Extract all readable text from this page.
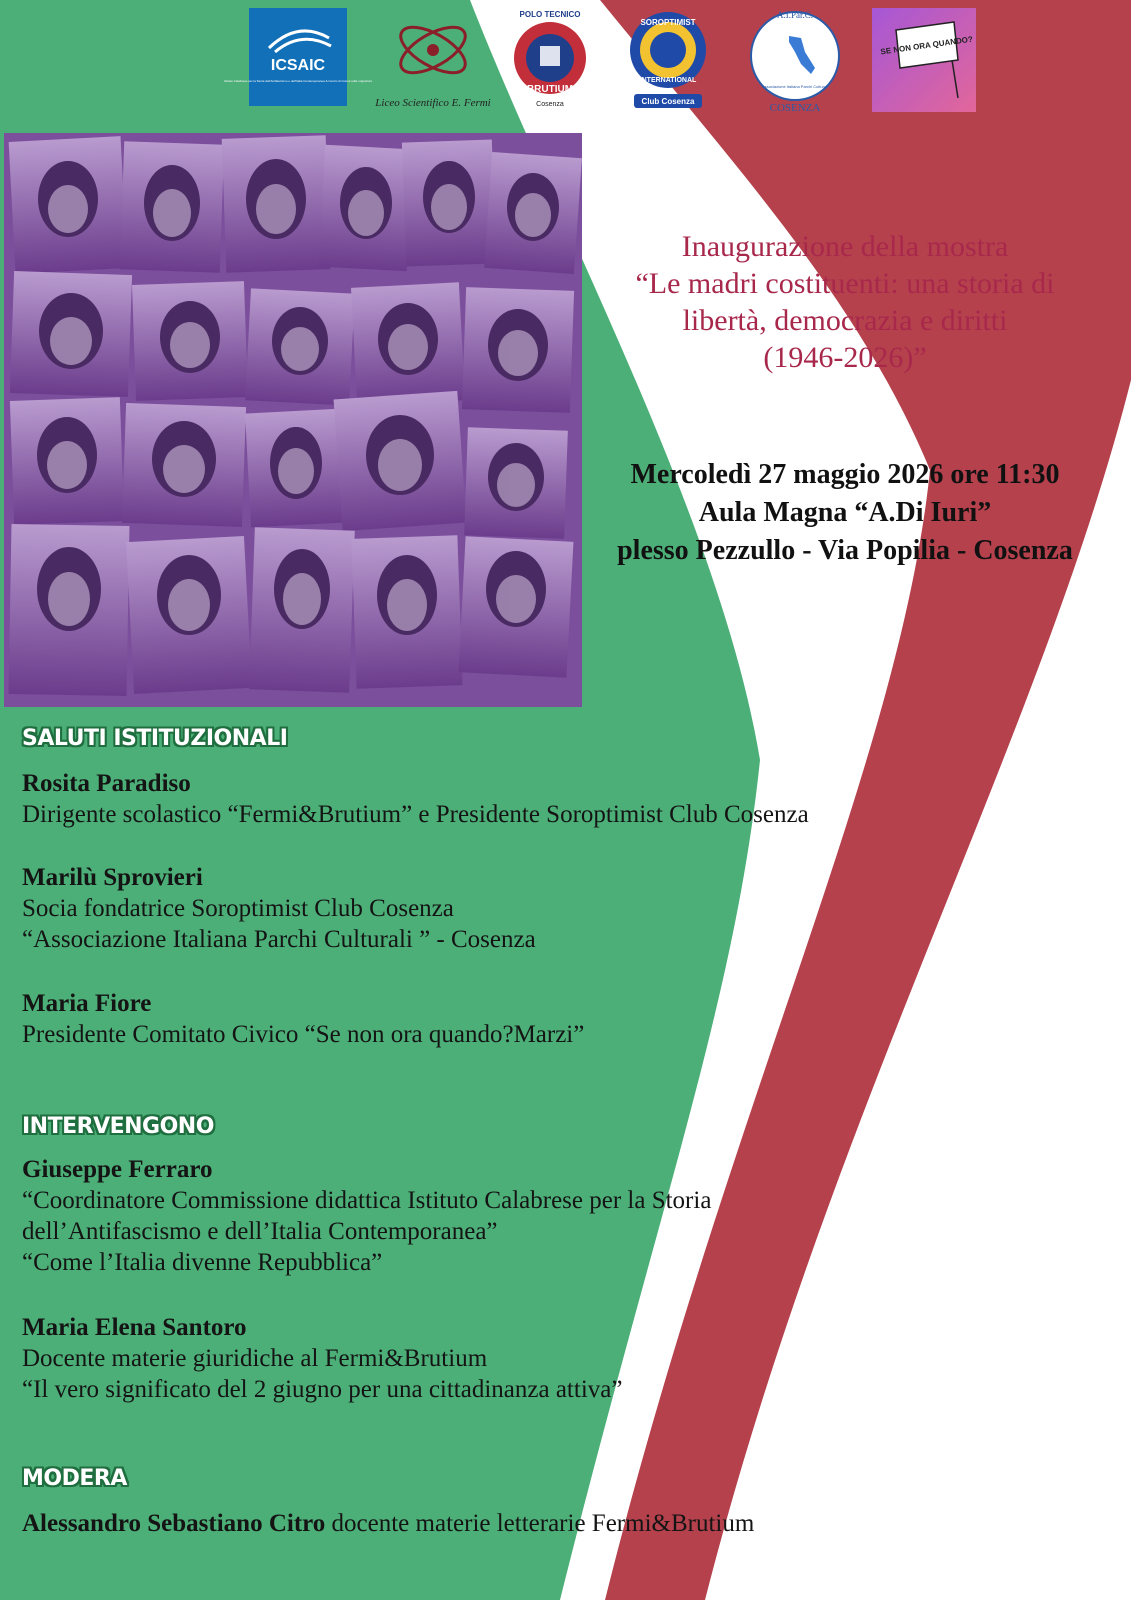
ICSAIC
Istituto Calabrese per la Storia dell'Antifascismo e dell'Italia Contemporanea & Centro di ricerca sulle migrazioni
Liceo Scientifico E. Fermi
POLO TECNICO
BRUTIUM
Cosenza
SOROPTIMIST
INTERNATIONAL
Club Cosenza
A.I.Par.C.
Associazione Italiana Parchi Culturali
COSENZA
SE NON ORA QUANDO?
Inaugurazione della mostra
“Le madri costituenti: una storia di
libertà, democrazia e diritti
(1946-2026)”
Mercoledì 27 maggio 2026 ore 11:30
Aula Magna “A.Di Iuri”
plesso Pezzullo - Via Popilia - Cosenza
SALUTI ISTITUZIONALI
Rosita Paradiso
Dirigente scolastico “Fermi&Brutium” e Presidente Soroptimist Club Cosenza
Marilù Sprovieri
Socia fondatrice Soroptimist Club Cosenza
“Associazione Italiana Parchi Culturali ” - Cosenza
Maria Fiore
Presidente Comitato Civico “Se non ora quando?Marzi”
INTERVENGONO
Giuseppe Ferraro
“Coordinatore Commissione didattica Istituto Calabrese per la Storia
dell’Antifascismo e dell’Italia Contemporanea”
“Come l’Italia divenne Repubblica”
Maria Elena Santoro
Docente materie giuridiche al Fermi&Brutium
“Il vero significato del 2 giugno per una cittadinanza attiva”
MODERA
Alessandro Sebastiano Citro docente materie letterarie Fermi&Brutium
